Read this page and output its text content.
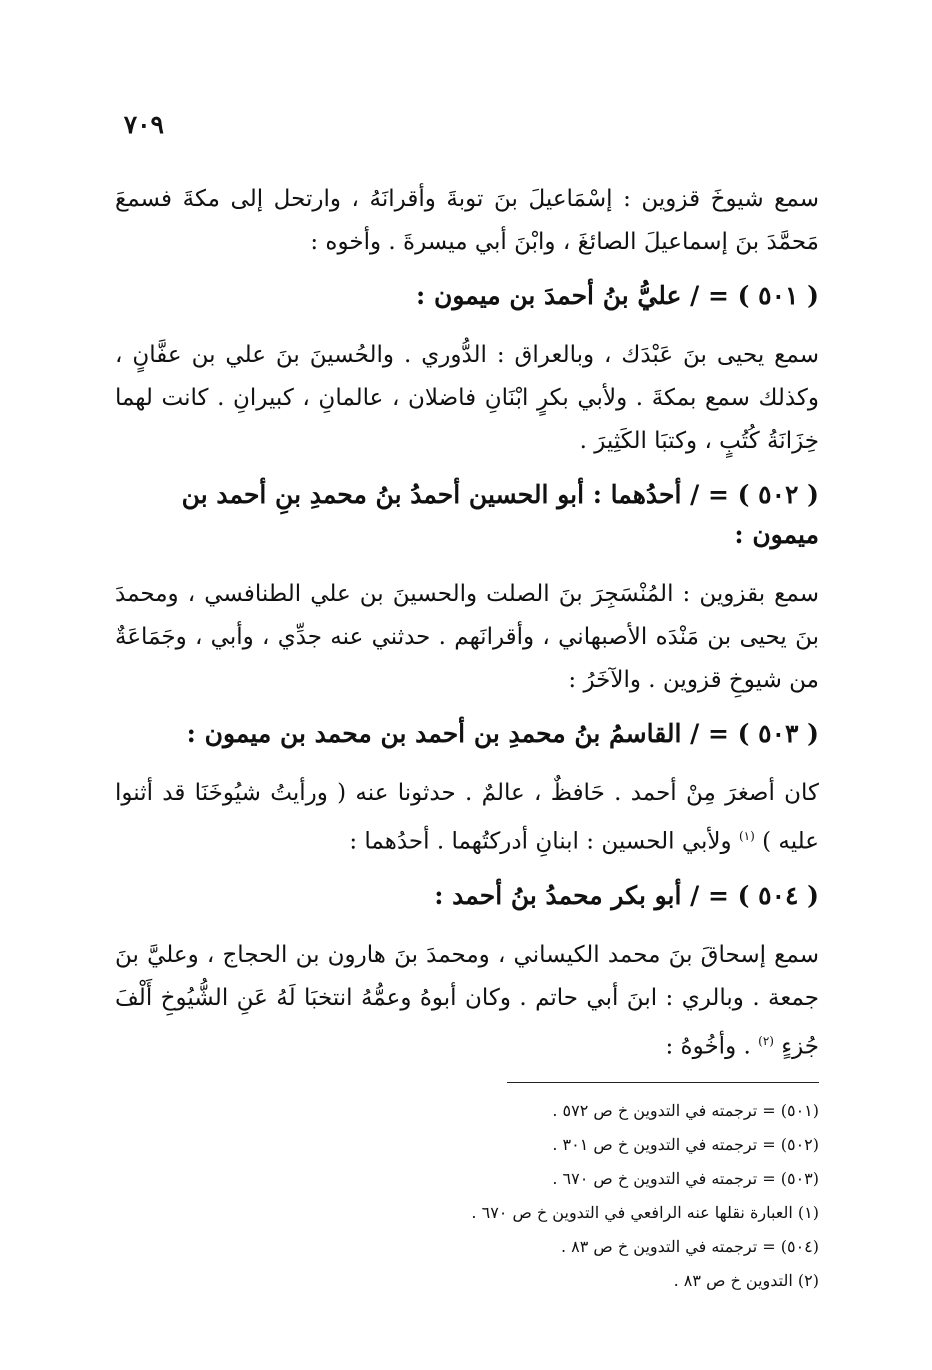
٧٠٩

سمع شيوخَ قزوين : إسْمَاعيلَ بنَ توبةَ وأقرانَهُ ، وارتحل إلى مكةَ فسمعَ مَحمَّدَ بنَ إسماعيلَ الصائغَ ، وابْنَ أبي ميسرةَ . وأخوه :

( ٥٠١ ) = / عليُّ بنُ أحمدَ بن ميمون :

سمع يحيى بنَ عَبْدَك ، وبالعراق : الدُّوري . والحُسينَ بنَ علي بن عفَّانٍ ، وكذلك سمع بمكةَ . ولأبي بكرٍ ابْنَانِ فاضلان ، عالمانِ ، كبيرانِ . كانت لهما خِزَانَةُ كُتُبٍ ، وكتبَا الكَثِيرَ .

( ٥٠٢ ) = / أحدُهما : أبو الحسين أحمدُ بنُ محمدِ بنِ أحمد بن ميمون :

سمع بقزوين : المُنْسَجِرَ بنَ الصلت والحسينَ بن علي الطنافسي ، ومحمدَ بنَ يحيى بن مَنْدَه الأصبهاني ، وأقرانَهم . حدثني عنه جدِّي ، وأبي ، وجَمَاعَةٌ من شيوخِ قزوين . والآخَرُ :

( ٥٠٣ ) = / القاسمُ بنُ محمدِ بن أحمد بن محمد بن ميمون :

كان أصغرَ مِنْ أحمد . حَافظٌ ، عالمٌ . حدثونا عنه ( ورأيتُ شيُوخَنَا قد أثنوا عليه ) $^{(١)}$ ولأبي الحسين : ابنانِ أدركتُهما . أحدُهما :

( ٥٠٤ ) = / أبو بكر محمدُ بنُ أحمد :

سمع إسحاقَ بنَ محمد الكيساني ، ومحمدَ بنَ هارون بن الحجاج ، وعليَّ بنَ جمعة . وبالري : ابنَ أبي حاتم . وكان أبوهُ وعمُّهُ انتخبَا لَهُ عَنِ الشُّيُوخِ أَلْفَ جُزءٍ $^{(٢)}$ . وأخُوهُ :

(٥٠١) = ترجمته في التدوين خ ص ٥٧٢ .

(٥٠٢) = ترجمته في التدوين خ ص ٣٠١ .

(٥٠٣) = ترجمته في التدوين خ ص ٦٧٠ .

(١) العبارة نقلها عنه الرافعي في التدوين خ ص ٦٧٠ .

(٥٠٤) = ترجمته في التدوين خ ص ٨٣ .

(٢) التدوين خ ص ٨٣ .
